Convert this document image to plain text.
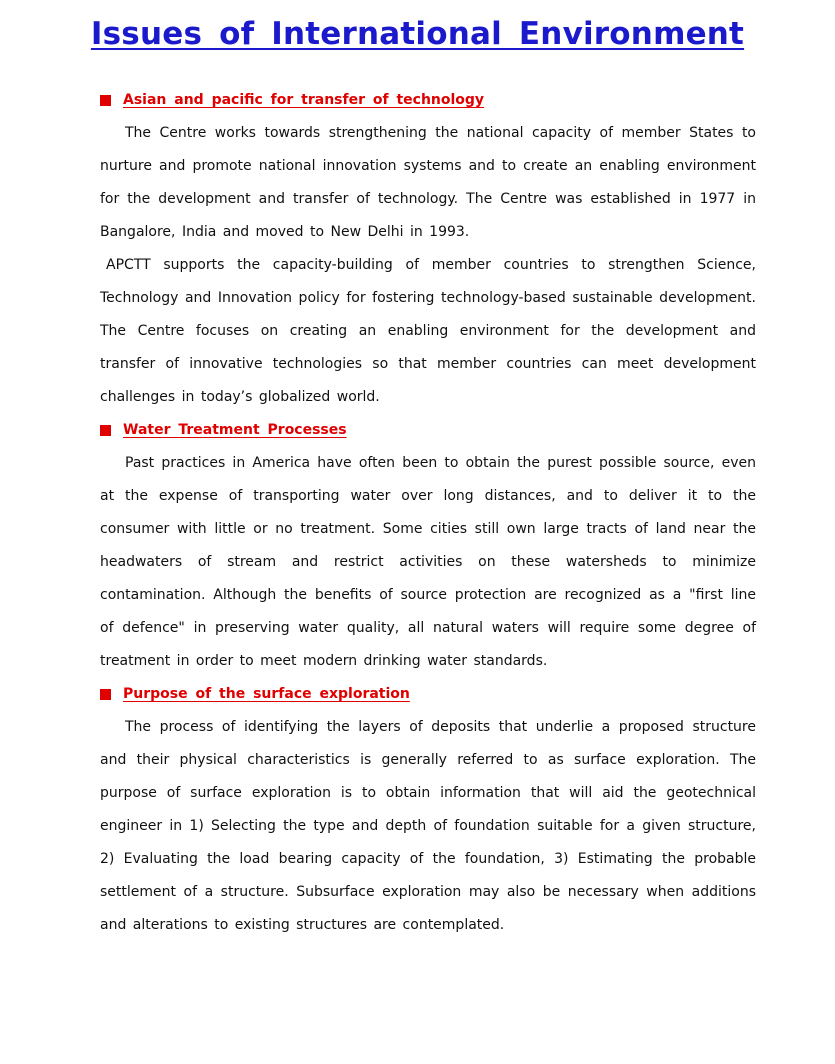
Issues of International Environment
Asian and pacific for transfer of technology

The Centre works towards strengthening the national capacity of member States to nurture and promote national innovation systems and to create an enabling environment for the development and transfer of technology. The Centre was established in 1977 in Bangalore, India and moved to New Delhi in 1993.

APCTT supports the capacity-building of member countries to strengthen Science, Technology and Innovation policy for fostering technology-based sustainable development. The Centre focuses on creating an enabling environment for the development and transfer of innovative technologies so that member countries can meet development challenges in today’s globalized world.

Water Treatment Processes

Past practices in America have often been to obtain the purest possible source, even at the expense of transporting water over long distances, and to deliver it to the consumer with little or no treatment. Some cities still own large tracts of land near the headwaters of stream and restrict activities on these watersheds to minimize contamination. Although the benefits of source protection are recognized as a "first line of defence" in preserving water quality, all natural waters will require some degree of treatment in order to meet modern drinking water standards.

Purpose of the surface exploration

The process of identifying the layers of deposits that underlie a proposed structure and their physical characteristics is generally referred to as surface exploration. The purpose of surface exploration is to obtain information that will aid the geotechnical engineer in 1) Selecting the type and depth of foundation suitable for a given structure, 2) Evaluating the load bearing capacity of the foundation, 3) Estimating the probable settlement of a structure. Subsurface exploration may also be necessary when additions and alterations to existing structures are contemplated.
